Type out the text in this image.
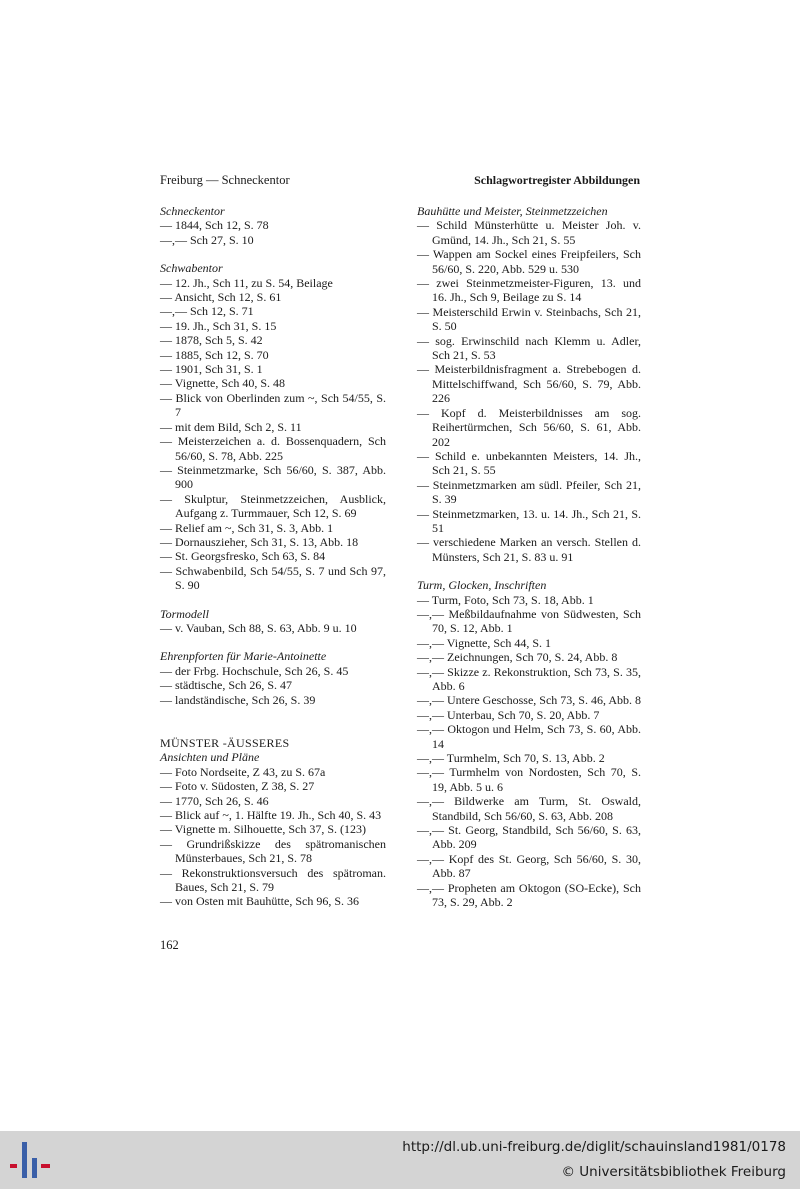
Freiburg — Schneckentor	Schlagwortregister Abbildungen
Schneckentor
— 1844, Sch 12, S. 78
—,— Sch 27, S. 10
Schwabentor
— 12. Jh., Sch 11, zu S. 54, Beilage
— Ansicht, Sch 12, S. 61
—,— Sch 12, S. 71
— 19. Jh., Sch 31, S. 15
— 1878, Sch 5, S. 42
— 1885, Sch 12, S. 70
— 1901, Sch 31, S. 1
— Vignette, Sch 40, S. 48
— Blick von Oberlinden zum ~, Sch 54/55, S. 7
— mit dem Bild, Sch 2, S. 11
— Meisterzeichen a. d. Bossenquadern, Sch 56/60, S. 78, Abb. 225
— Steinmetzmarke, Sch 56/60, S. 387, Abb. 900
— Skulptur, Steinmetzzeichen, Ausblick, Aufgang z. Turmmauer, Sch 12, S. 69
— Relief am ~, Sch 31, S. 3, Abb. 1
— Dornauszieher, Sch 31, S. 13, Abb. 18
— St. Georgsfresko, Sch 63, S. 84
— Schwabenbild, Sch 54/55, S. 7 und Sch 97, S. 90
Tormodell
— v. Vauban, Sch 88, S. 63, Abb. 9 u. 10
Ehrenpforten für Marie-Antoinette
— der Frbg. Hochschule, Sch 26, S. 45
— städtische, Sch 26, S. 47
— landständische, Sch 26, S. 39
MÜNSTER -ÄUSSERES
Ansichten und Pläne
— Foto Nordseite, Z 43, zu S. 67a
— Foto v. Südosten, Z 38, S. 27
— 1770, Sch 26, S. 46
— Blick auf ~, 1. Hälfte 19. Jh., Sch 40, S. 43
— Vignette m. Silhouette, Sch 37, S. (123)
— Grundrißskizze des spätromanischen Münsterbaues, Sch 21, S. 78
— Rekonstruktionsversuch des spätroman. Baues, Sch 21, S. 79
— von Osten mit Bauhütte, Sch 96, S. 36
Bauhütte und Meister, Steinmetzzeichen
— Schild Münsterhütte u. Meister Joh. v. Gmünd, 14. Jh., Sch 21, S. 55
— Wappen am Sockel eines Freipfeilers, Sch 56/60, S. 220, Abb. 529 u. 530
— zwei Steinmetzmeister-Figuren, 13. und 16. Jh., Sch 9, Beilage zu S. 14
— Meisterschild Erwin v. Steinbachs, Sch 21, S. 50
— sog. Erwinschild nach Klemm u. Adler, Sch 21, S. 53
— Meisterbildnisfragment a. Strebebogen d. Mittelschiffwand, Sch 56/60, S. 79, Abb. 226
— Kopf d. Meisterbildnisses am sog. Reihertürmchen, Sch 56/60, S. 61, Abb. 202
— Schild e. unbekannten Meisters, 14. Jh., Sch 21, S. 55
— Steinmetzmarken am südl. Pfeiler, Sch 21, S. 39
— Steinmetzmarken, 13. u. 14. Jh., Sch 21, S. 51
— verschiedene Marken an versch. Stellen d. Münsters, Sch 21, S. 83 u. 91
Turm, Glocken, Inschriften
— Turm, Foto, Sch 73, S. 18, Abb. 1
—,— Meßbildaufnahme von Südwesten, Sch 70, S. 12, Abb. 1
—,— Vignette, Sch 44, S. 1
—,— Zeichnungen, Sch 70, S. 24, Abb. 8
—,— Skizze z. Rekonstruktion, Sch 73, S. 35, Abb. 6
—,— Untere Geschosse, Sch 73, S. 46, Abb. 8
—,— Unterbau, Sch 70, S. 20, Abb. 7
—,— Oktogon und Helm, Sch 73, S. 60, Abb. 14
—,— Turmhelm, Sch 70, S. 13, Abb. 2
—,— Turmhelm von Nordosten, Sch 70, S. 19, Abb. 5 u. 6
—,— Bildwerke am Turm, St. Oswald, Standbild, Sch 56/60, S. 63, Abb. 208
—,— St. Georg, Standbild, Sch 56/60, S. 63, Abb. 209
—,— Kopf des St. Georg, Sch 56/60, S. 30, Abb. 87
—,— Propheten am Oktogon (SO-Ecke), Sch 73, S. 29, Abb. 2
162
http://dl.ub.uni-freiburg.de/diglit/schauinsland1981/0178
© Universitätsbibliothek Freiburg
